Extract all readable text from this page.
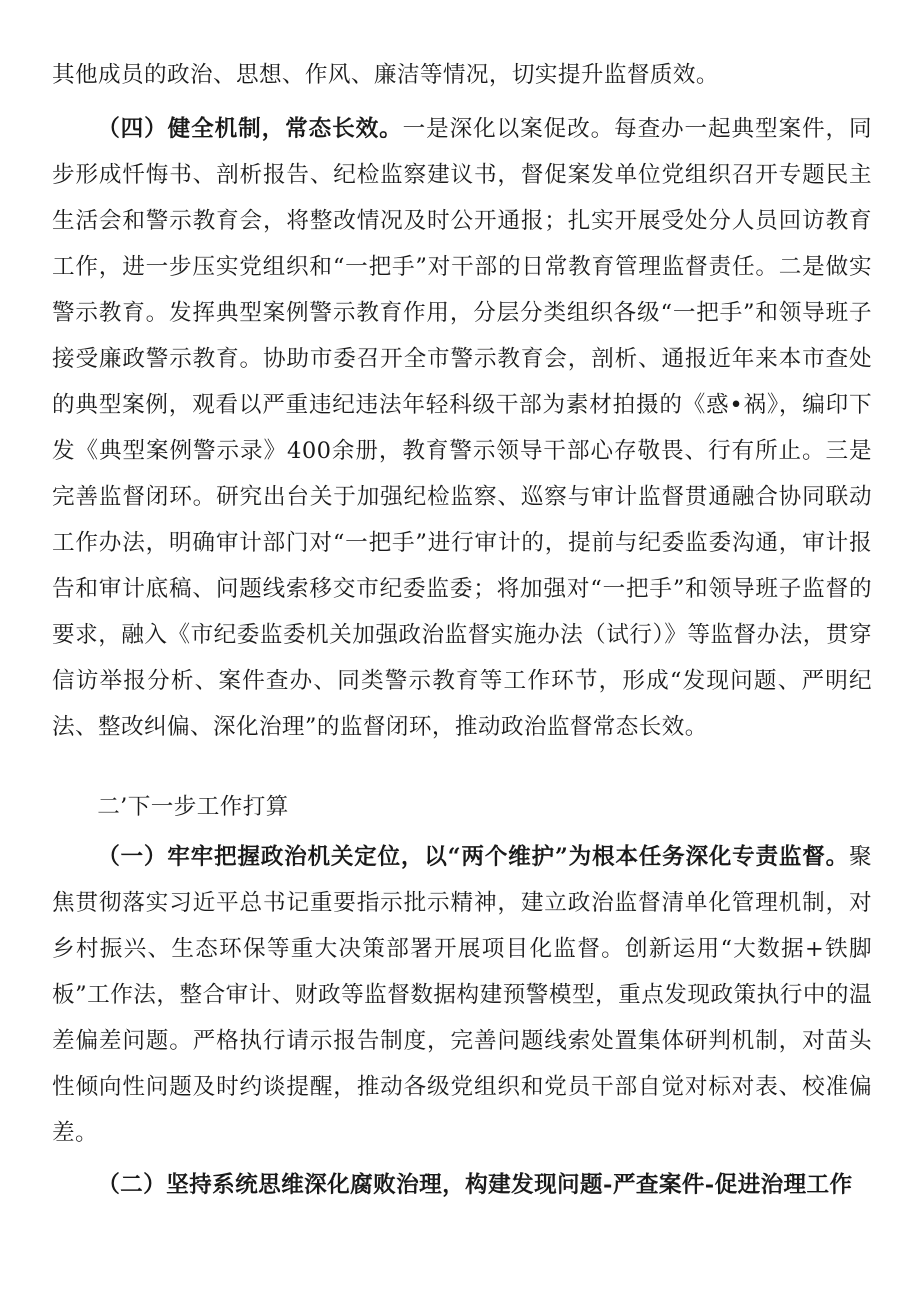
其他成员的政治、思想、作风、廉洁等情况，切实提升监督质效。

（四）健全机制，常态长效。一是深化以案促改。每查办一起典型案件，同步形成忏悔书、剖析报告、纪检监察建议书，督促案发单位党组织召开专题民主生活会和警示教育会，将整改情况及时公开通报；扎实开展受处分人员回访教育工作，进一步压实党组织和“一把手”对干部的日常教育管理监督责任。二是做实警示教育。发挥典型案例警示教育作用，分层分类组织各级“一把手”和领导班子接受廉政警示教育。协助市委召开全市警示教育会，剖析、通报近年来本市查处的典型案例，观看以严重违纪违法年轻科级干部为素材拍摄的《惑•祸》，编印下发《典型案例警示录》400余册，教育警示领导干部心存敬畏、行有所止。三是完善监督闭环。研究出台关于加强纪检监察、巡察与审计监督贯通融合协同联动工作办法，明确审计部门对“一把手”进行审计的，提前与纪委监委沟通，审计报告和审计底稿、问题线索移交市纪委监委；将加强对“一把手”和领导班子监督的要求，融入《市纪委监委机关加强政治监督实施办法（试行）》等监督办法，贯穿信访举报分析、案件查办、同类警示教育等工作环节，形成“发现问题、严明纪法、整改纠偏、深化治理”的监督闭环，推动政治监督常态长效。

二’下一步工作打算

（一）牢牢把握政治机关定位，以“两个维护”为根本任务深化专责监督。聚焦贯彻落实习近平总书记重要指示批示精神，建立政治监督清单化管理机制，对乡村振兴、生态环保等重大决策部署开展项目化监督。创新运用“大数据+铁脚板”工作法，整合审计、财政等监督数据构建预警模型，重点发现政策执行中的温差偏差问题。严格执行请示报告制度，完善问题线索处置集体研判机制，对苗头性倾向性问题及时约谈提醒，推动各级党组织和党员干部自觉对标对表、校准偏差。

（二）坚持系统思维深化腐败治理，构建发现问题-严查案件-促进治理工作
